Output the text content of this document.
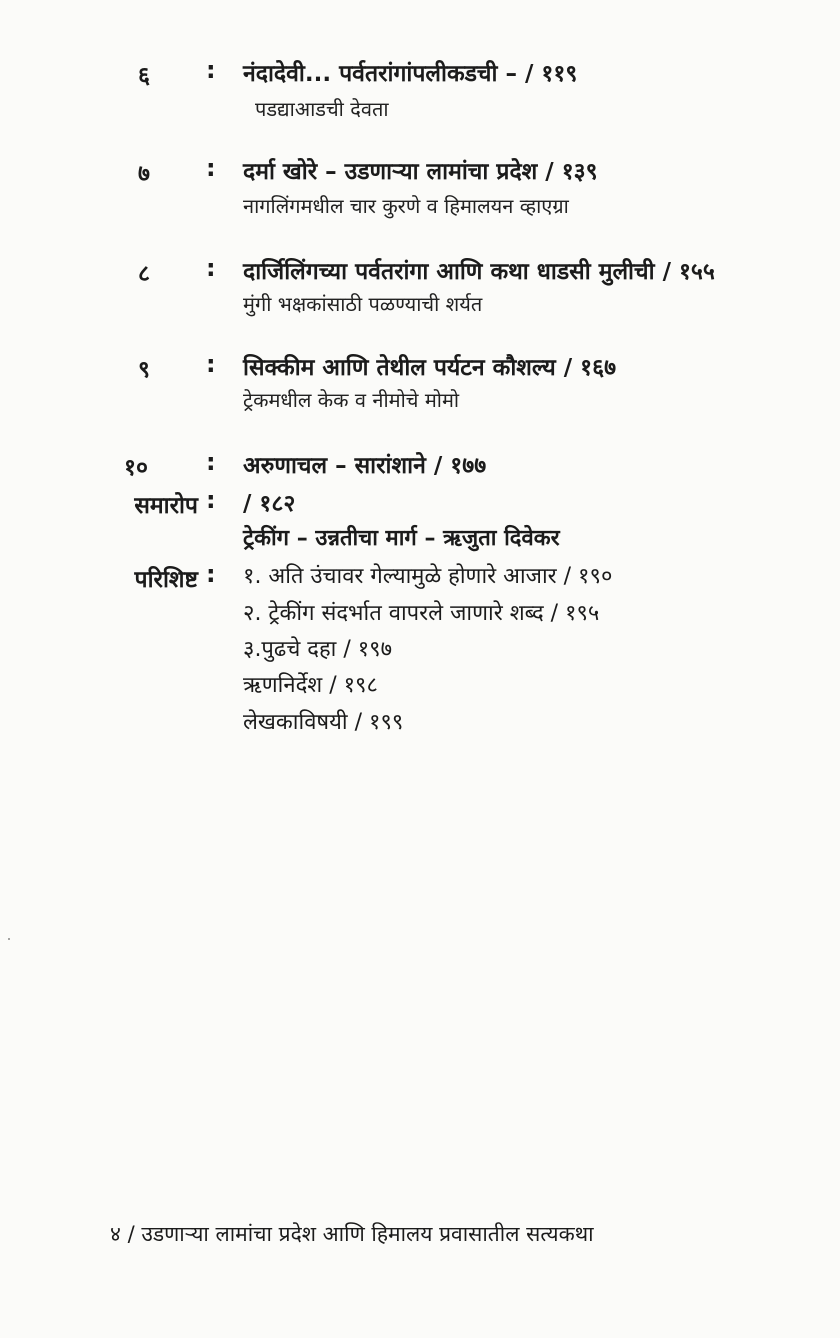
६	: नंदादेवी... पर्वतरांगांपलीकडची – / ११९
पडद्याआडची देवता
७	: दर्मा खोरे – उडणाऱ्या लामांचा प्रदेश / १३९
नागलिंगमधील चार कुरणे व हिमालयन व्हाएग्रा
८	: दार्जिलिंगच्या पर्वतरांगा आणि कथा धाडसी मुलीची / १५५
मुंगी भक्षकांसाठी पळण्याची शर्यत
९	: सिक्कीम आणि तेथील पर्यटन कौशल्य / १६७
ट्रेकमधील केक व नीमोचे मोमो
१०	: अरुणाचल – सारांशाने / १७७
समारोप : / १८२
ट्रेकींग – उन्नतीचा मार्ग – ऋजुता दिवेकर
परिशिष्ट : १. अति उंचावर गेल्यामुळे होणारे आजार / १९०
२. ट्रेकींग संदर्भात वापरले जाणारे शब्द / १९५
३.पुढचे दहा / १९७
ऋणनिर्देश / १९८
लेखकाविषयी / १९९
४ / उडणाऱ्या लामांचा प्रदेश आणि हिमालय प्रवासातील सत्यकथा
